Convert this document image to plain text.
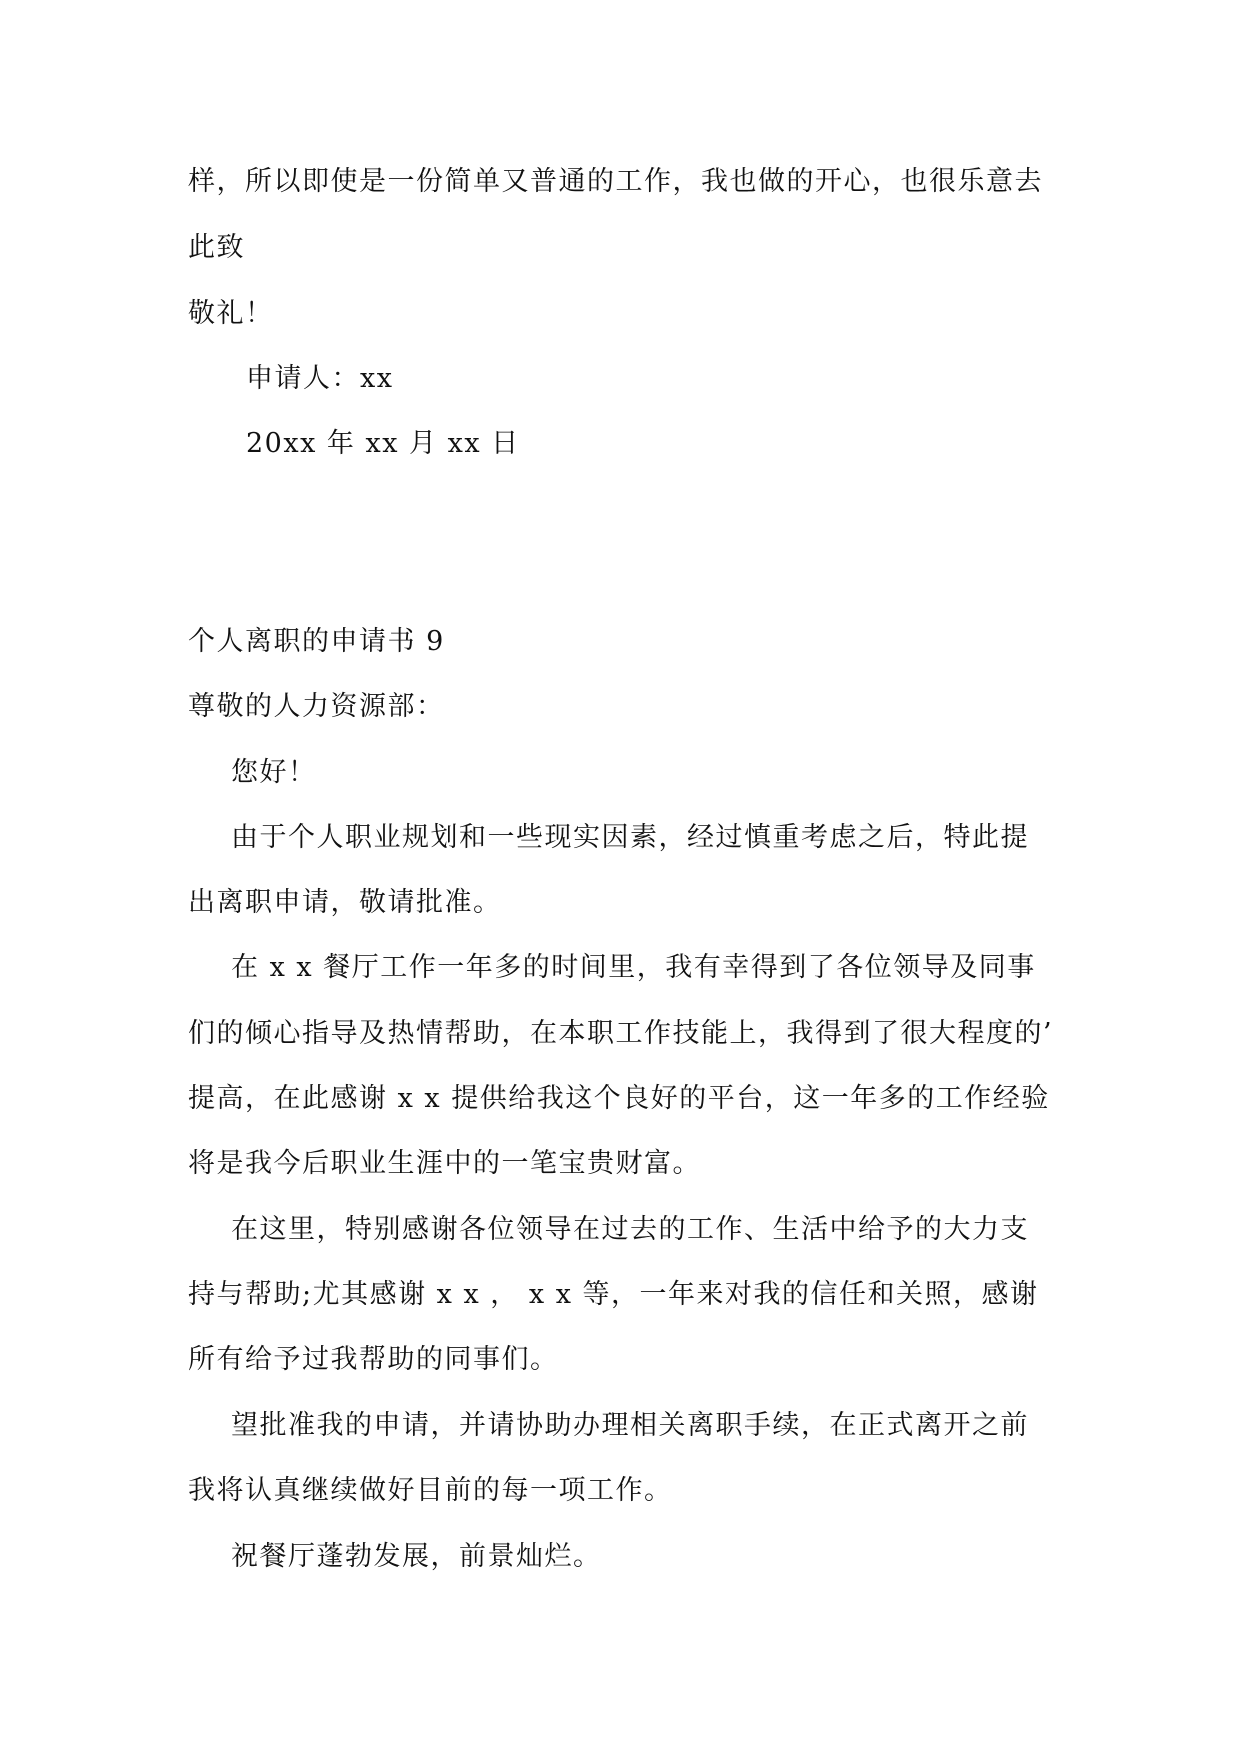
样，所以即使是一份简单又普通的工作，我也做的开心，也很乐意去
此致
敬礼！
申请人：xx
20xx 年 xx 月 xx 日
个人离职的申请书 9
尊敬的人力资源部：
您好！
由于个人职业规划和一些现实因素，经过慎重考虑之后，特此提
出离职申请，敬请批准。
在 x x 餐厅工作一年多的时间里，我有幸得到了各位领导及同事
们的倾心指导及热情帮助，在本职工作技能上，我得到了很大程度的’
提高，在此感谢 x x 提供给我这个良好的平台，这一年多的工作经验
将是我今后职业生涯中的一笔宝贵财富。
在这里，特别感谢各位领导在过去的工作、生活中给予的大力支
持与帮助;尤其感谢 x x ， x x 等，一年来对我的信任和关照，感谢
所有给予过我帮助的同事们。
望批准我的申请，并请协助办理相关离职手续，在正式离开之前
我将认真继续做好目前的每一项工作。
祝餐厅蓬勃发展，前景灿烂。
